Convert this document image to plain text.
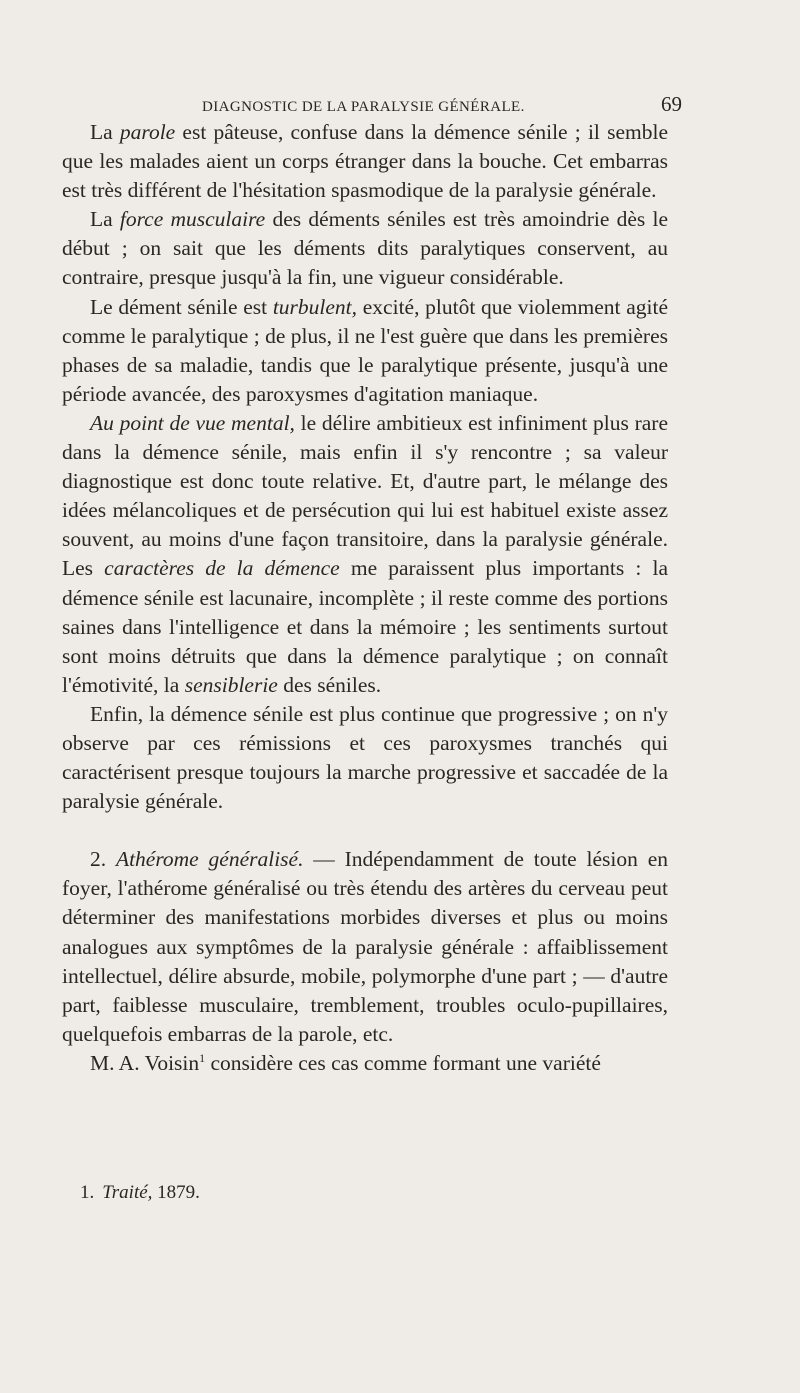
DIAGNOSTIC DE LA PARALYSIE GÉNÉRALE.	69

La parole est pâteuse, confuse dans la démence sénile ; il semble que les malades aient un corps étranger dans la bouche. Cet embarras est très différent de l'hésitation spasmodique de la paralysie générale.

La force musculaire des déments séniles est très amoindrie dès le début ; on sait que les déments dits paralytiques conservent, au contraire, presque jusqu'à la fin, une vigueur considérable.

Le dément sénile est turbulent, excité, plutôt que violemment agité comme le paralytique ; de plus, il ne l'est guère que dans les premières phases de sa maladie, tandis que le paralytique présente, jusqu'à une période avancée, des paroxysmes d'agitation maniaque.

Au point de vue mental, le délire ambitieux est infiniment plus rare dans la démence sénile, mais enfin il s'y rencontre ; sa valeur diagnostique est donc toute relative. Et, d'autre part, le mélange des idées mélancoliques et de persécution qui lui est habituel existe assez souvent, au moins d'une façon transitoire, dans la paralysie générale. Les caractères de la démence me paraissent plus importants : la démence sénile est lacunaire, incomplète ; il reste comme des portions saines dans l'intelligence et dans la mémoire ; les sentiments surtout sont moins détruits que dans la démence paralytique ; on connaît l'émotivité, la sensiblerie des séniles.

Enfin, la démence sénile est plus continue que progressive ; on n'y observe par ces rémissions et ces paroxysmes tranchés qui caractérisent presque toujours la marche progressive et saccadée de la paralysie générale.

2. Athérome généralisé. — Indépendamment de toute lésion en foyer, l'athérome généralisé ou très étendu des artères du cerveau peut déterminer des manifestations morbides diverses et plus ou moins analogues aux symptômes de la paralysie générale : affaiblissement intellectuel, délire absurde, mobile, polymorphe d'une part ; — d'autre part, faiblesse musculaire, tremblement, troubles oculo-pupillaires, quelquefois embarras de la parole, etc.

M. A. Voisin$^1$ considère ces cas comme formant une variété

1. Traité, 1879.
